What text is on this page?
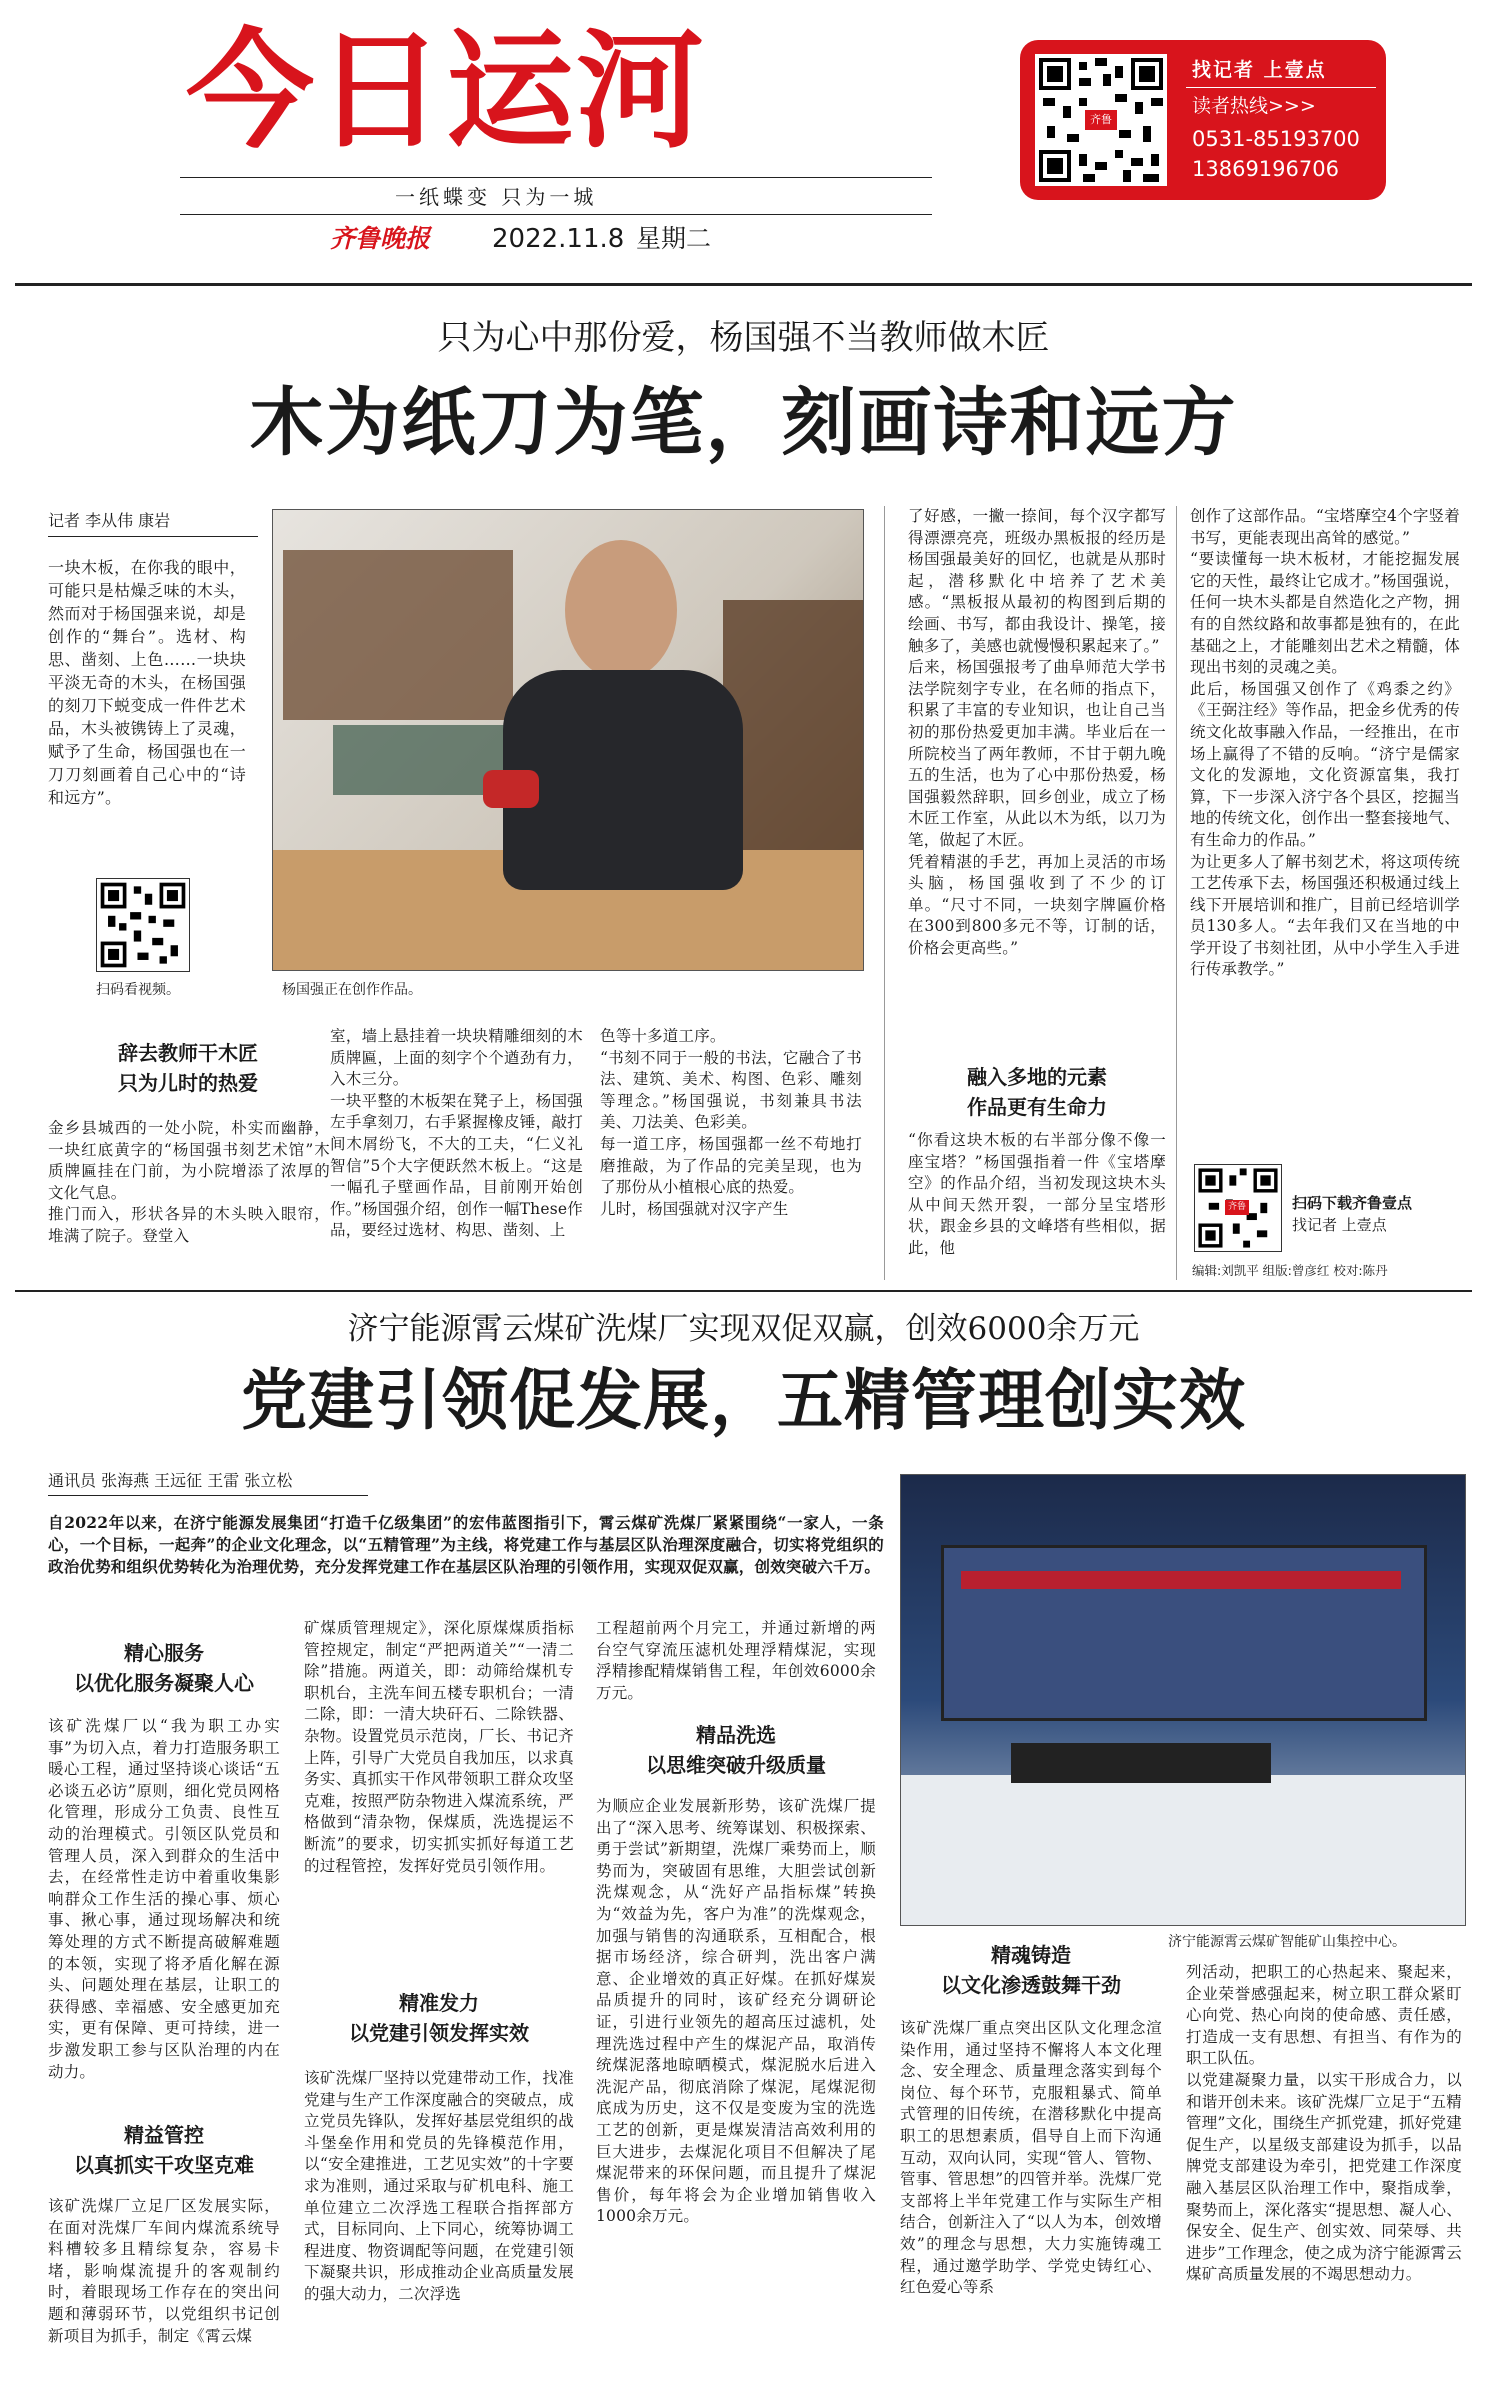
今日运河
一纸蝶变 只为一城
齐鲁晚报 2022.11.8 星期二
齐鲁
找记者 上壹点
读者热线>>>
0531-85193700
13869196706
只为心中那份爱，杨国强不当教师做木匠
木为纸刀为笔，刻画诗和远方
记者 李从伟 康岩
一块木板，在你我的眼中，可能只是枯燥乏味的木头，然而对于杨国强来说，却是创作的“舞台”。选材、构思、凿刻、上色……一块块平淡无奇的木头，在杨国强的刻刀下蜕变成一件件艺术品，木头被镌铸上了灵魂，赋予了生命，杨国强也在一刀刀刻画着自己心中的“诗和远方”。
扫码看视频。	杨国强正在创作作品。
辞去教师干木匠
只为儿时的热爱
金乡县城西的一处小院，朴实而幽静，一块红底黄字的“杨国强书刻艺术馆”木质牌匾挂在门前，为小院增添了浓厚的文化气息。
推门而入，形状各异的木头映入眼帘，堆满了院子。登堂入
室，墙上悬挂着一块块精雕细刻的木质牌匾，上面的刻字个个遒劲有力，入木三分。
一块平整的木板架在凳子上，杨国强左手拿刻刀，右手紧握橡皮锤，敲打间木屑纷飞，不大的工夫，“仁义礼智信”5个大字便跃然木板上。“这是一幅孔子壁画作品，目前刚开始创作。”杨国强介绍，创作一幅These作品，要经过选材、构思、凿刻、上
色等十多道工序。
“书刻不同于一般的书法，它融合了书法、建筑、美术、构图、色彩、雕刻等理念。”杨国强说，书刻兼具书法美、刀法美、色彩美。
每一道工序，杨国强都一丝不苟地打磨推敲，为了作品的完美呈现，也为了那份从小植根心底的热爱。
儿时，杨国强就对汉字产生
了好感，一撇一捺间，每个汉字都写得漂漂亮亮，班级办黑板报的经历是杨国强最美好的回忆，也就是从那时起，潜移默化中培养了艺术美感。“黑板报从最初的构图到后期的绘画、书写，都由我设计、操笔，接触多了，美感也就慢慢积累起来了。”
后来，杨国强报考了曲阜师范大学书法学院刻字专业，在名师的指点下，积累了丰富的专业知识，也让自己当初的那份热爱更加丰满。毕业后在一所院校当了两年教师，不甘于朝九晚五的生活，也为了心中那份热爱，杨国强毅然辞职，回乡创业，成立了杨木匠工作室，从此以木为纸，以刀为笔，做起了木匠。
凭着精湛的手艺，再加上灵活的市场头脑，杨国强收到了不少的订单。“尺寸不同，一块刻字牌匾价格在300到800多元不等，订制的话，价格会更高些。”
融入多地的元素
作品更有生命力
“你看这块木板的右半部分像不像一座宝塔？”杨国强指着一件《宝塔摩空》的作品介绍，当初发现这块木头从中间天然开裂，一部分呈宝塔形状，跟金乡县的文峰塔有些相似，据此，他
创作了这部作品。“宝塔摩空4个字竖着书写，更能表现出高耸的感觉。”
“要读懂每一块木板材，才能挖掘发展它的天性，最终让它成才。”杨国强说，任何一块木头都是自然造化之产物，拥有的自然纹路和故事都是独有的，在此基础之上，才能雕刻出艺术之精髓，体现出书刻的灵魂之美。
此后，杨国强又创作了《鸡黍之约》《王弼注经》等作品，把金乡优秀的传统文化故事融入作品，一经推出，在市场上赢得了不错的反响。“济宁是儒家文化的发源地，文化资源富集，我打算，下一步深入济宁各个县区，挖掘当地的传统文化，创作出一整套接地气、有生命力的作品。”
为让更多人了解书刻艺术，将这项传统工艺传承下去，杨国强还积极通过线上线下开展培训和推广，目前已经培训学员130多人。“去年我们又在当地的中学开设了书刻社团，从中小学生入手进行传承教学。”
齐鲁	扫码下载齐鲁壹点
找记者 上壹点
编辑:刘凯平 组版:曾彦红 校对:陈丹
济宁能源霄云煤矿洗煤厂实现双促双赢，创效6000余万元
党建引领促发展，五精管理创实效
通讯员 张海燕 王远征 王雷 张立松
自2022年以来，在济宁能源发展集团“打造千亿级集团”的宏伟蓝图指引下，霄云煤矿洗煤厂紧紧围绕“一家人，一条心，一个目标，一起奔”的企业文化理念，以“五精管理”为主线，将党建工作与基层区队治理深度融合，切实将党组织的政治优势和组织优势转化为治理优势，充分发挥党建工作在基层区队治理的引领作用，实现双促双赢，创效突破六千万。
济宁能源霄云煤矿智能矿山集控中心。
精心服务
以优化服务凝聚人心
该矿洗煤厂以“我为职工办实事”为切入点，着力打造服务职工暖心工程，通过坚持谈心谈话“五必谈五必访”原则，细化党员网格化管理，形成分工负责、良性互动的治理模式。引领区队党员和管理人员，深入到群众的生活中去，在经常性走访中着重收集影响群众工作生活的操心事、烦心事、揪心事，通过现场解决和统筹处理的方式不断提高破解难题的本领，实现了将矛盾化解在源头、问题处理在基层，让职工的获得感、幸福感、安全感更加充实，更有保障、更可持续，进一步激发职工参与区队治理的内在动力。
精益管控
以真抓实干攻坚克难
该矿洗煤厂立足厂区发展实际，在面对洗煤厂车间内煤流系统导料槽较多且精综复杂，容易卡堵，影响煤流提升的客观制约时，着眼现场工作存在的突出问题和薄弱环节，以党组织书记创新项目为抓手，制定《霄云煤
矿煤质管理规定》，深化原煤煤质指标管控规定，制定“严把两道关”“一清二除”措施。两道关，即：动筛给煤机专职机台，主洗车间五楼专职机台；一清二除，即：一清大块矸石、二除铁器、杂物。设置党员示范岗，厂长、书记齐上阵，引导广大党员自我加压，以求真务实、真抓实干作风带领职工群众攻坚克难，按照严防杂物进入煤流系统，严格做到“清杂物，保煤质，洗选提运不断流”的要求，切实抓实抓好每道工艺的过程管控，发挥好党员引领作用。
精准发力
以党建引领发挥实效
该矿洗煤厂坚持以党建带动工作，找准党建与生产工作深度融合的突破点，成立党员先锋队，发挥好基层党组织的战斗堡垒作用和党员的先锋模范作用，以“安全建推进，工艺见实效”的十字要求为准则，通过采取与矿机电科、施工单位建立二次浮选工程联合指挥部方式，目标同向、上下同心，统筹协调工程进度、物资调配等问题，在党建引领下凝聚共识，形成推动企业高质量发展的强大动力，二次浮选
工程超前两个月完工，并通过新增的两台空气穿流压滤机处理浮精煤泥，实现浮精掺配精煤销售工程，年创效6000余万元。
精品洗选
以思维突破升级质量
为顺应企业发展新形势，该矿洗煤厂提出了“深入思考、统筹谋划、积极探索、勇于尝试”新期望，洗煤厂乘势而上，顺势而为，突破固有思维，大胆尝试创新洗煤观念，从“洗好产品指标煤”转换为“效益为先，客户为准”的洗煤观念，加强与销售的沟通联系，互相配合，根据市场经济，综合研判，洗出客户满意、企业增效的真正好煤。在抓好煤炭品质提升的同时，该矿经充分调研论证，引进行业领先的超高压过滤机，处理洗选过程中产生的煤泥产品，取消传统煤泥落地晾晒模式，煤泥脱水后进入洗泥产品，彻底消除了煤泥，尾煤泥彻底成为历史，这不仅是变废为宝的洗选工艺的创新，更是煤炭清洁高效利用的巨大进步，去煤泥化项目不但解决了尾煤泥带来的环保问题，而且提升了煤泥售价，每年将会为企业增加销售收入1000余万元。
精魂铸造
以文化渗透鼓舞干劲
该矿洗煤厂重点突出区队文化理念渲染作用，通过坚持不懈将人本文化理念、安全理念、质量理念落实到每个岗位、每个环节，克服粗暴式、简单式管理的旧传统，在潜移默化中提高职工的思想素质，倡导自上而下沟通互动，双向认同，实现“管人、管物、管事、管思想”的四管并举。洗煤厂党支部将上半年党建工作与实际生产相结合，创新注入了“以人为本，创效增效”的理念与思想，大力实施铸魂工程，通过邀学助学、学党史铸红心、红色爱心等系
列活动，把职工的心热起来、聚起来，企业荣誉感强起来，树立职工群众紧盯心向党、热心向岗的使命感、责任感，打造成一支有思想、有担当、有作为的职工队伍。
以党建凝聚力量，以实干形成合力，以和谐开创未来。该矿洗煤厂立足于“五精管理”文化，围绕生产抓党建，抓好党建促生产，以星级支部建设为抓手，以品牌党支部建设为牵引，把党建工作深度融入基层区队治理工作中，聚指成拳，聚势而上，深化落实“提思想、凝人心、保安全、促生产、创实效、同荣辱、共进步”工作理念，使之成为济宁能源霄云煤矿高质量发展的不竭思想动力。
